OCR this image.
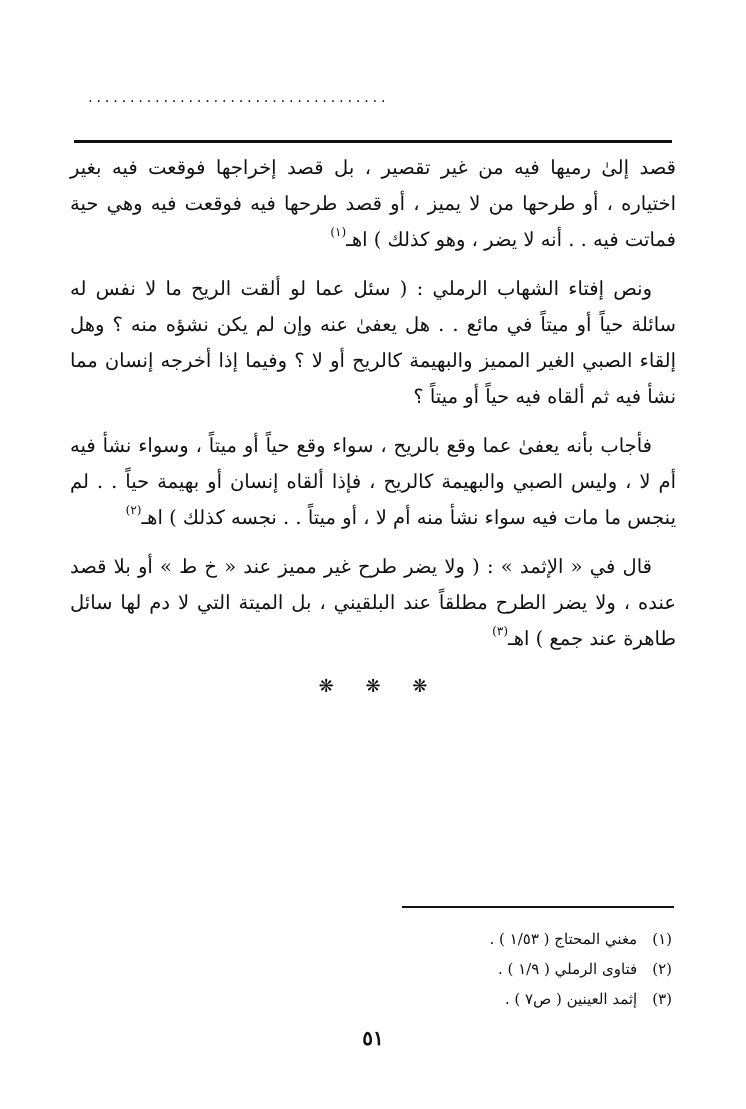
....................................

قصد إلىٰ رميها فيه من غير تقصير ، بل قصد إخراجها فوقعت فيه بغير اختياره ، أو طرحها من لا يميز ، أو قصد طرحها فيه فوقعت فيه وهي حية فماتت فيه . . أنه لا يضر ، وهو كذلك ) اهـ$^{(١)}$

ونص إفتاء الشهاب الرملي : ( سئل عما لو ألقت الريح ما لا نفس له سائلة حياً أو ميتاً في مائع . . هل يعفىٰ عنه وإن لم يكن نشؤه منه ؟ وهل إلقاء الصبي الغير المميز والبهيمة كالريح أو لا ؟ وفيما إذا أخرجه إنسان مما نشأ فيه ثم ألقاه فيه حياً أو ميتاً ؟

فأجاب بأنه يعفىٰ عما وقع بالريح ، سواء وقع حياً أو ميتاً ، وسواء نشأ فيه أم لا ، وليس الصبي والبهيمة كالريح ، فإذا ألقاه إنسان أو بهيمة حياً . . لم ينجس ما مات فيه سواء نشأ منه أم لا ، أو ميتاً . . نجسه كذلك ) اهـ$^{(٢)}$

قال في « الإثمد » : ( ولا يضر طرح غير مميز عند « خ ط » أو بلا قصد عنده ، ولا يضر الطرح مطلقاً عند البلقيني ، بل الميتة التي لا دم لها سائل طاهرة عند جمع ) اهـ$^{(٣)}$

❋ ❋ ❋
(١) مغني المحتاج ( ١/٥٣ ) .
(٢) فتاوى الرملي ( ١/٩ ) .
(٣) إثمد العينين ( ص٧ ) .
٥١
